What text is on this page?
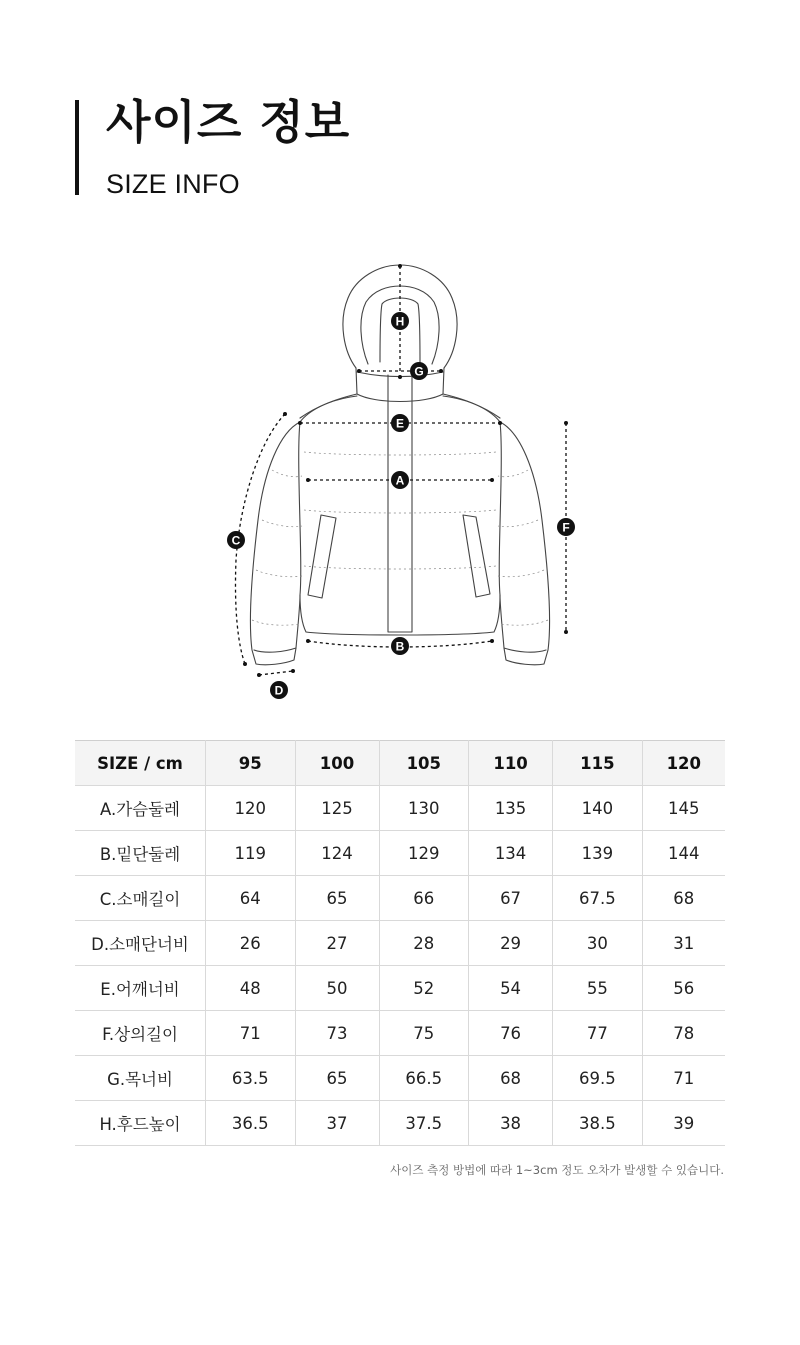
사이즈 정보
SIZE INFO
H
G
E
A
B
C
D
F
SIZE / cm	95	100	105	110	115	120
A.가슴둘레	120	125	130	135	140	145
B.밑단둘레	119	124	129	134	139	144
C.소매길이	64	65	66	67	67.5	68
D.소매단너비	26	27	28	29	30	31
E.어깨너비	48	50	52	54	55	56
F.상의길이	71	73	75	76	77	78
G.목너비	63.5	65	66.5	68	69.5	71
H.후드높이	36.5	37	37.5	38	38.5	39
사이즈 측정 방법에 따라 1~3cm 정도 오차가 발생할 수 있습니다.
